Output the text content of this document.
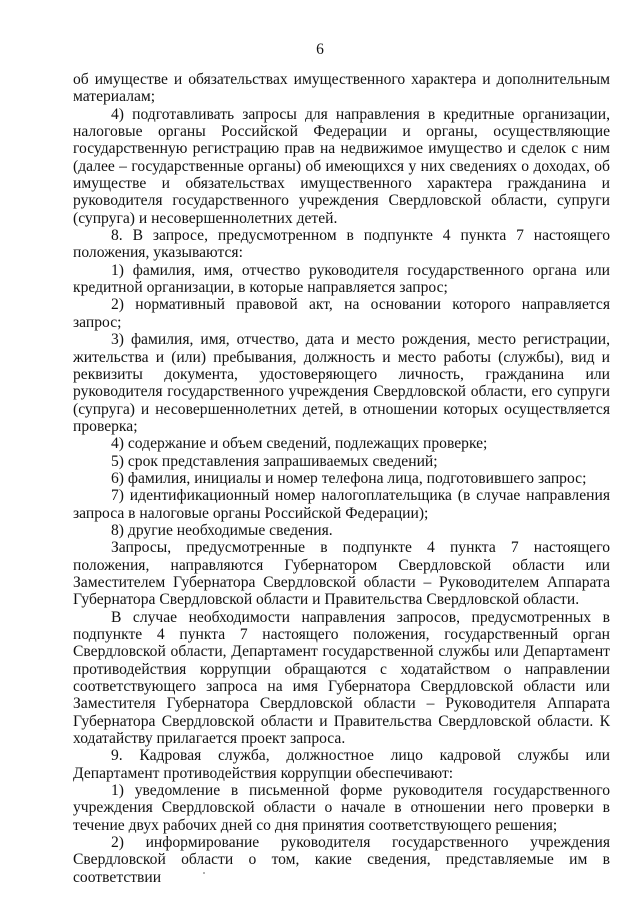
6

об имуществе и обязательствах имущественного характера и дополнительным материалам;

4) подготавливать запросы для направления в кредитные организации, налоговые органы Российской Федерации и органы, осуществляющие государственную регистрацию прав на недвижимое имущество и сделок с ним (далее – государственные органы) об имеющихся у них сведениях о доходах, об имуществе и обязательствах имущественного характера гражданина и руководителя государственного учреждения Свердловской области, супруги (супруга) и несовершеннолетних детей.

8. В запросе, предусмотренном в подпункте 4 пункта 7 настоящего положения, указываются:

1) фамилия, имя, отчество руководителя государственного органа или кредитной организации, в которые направляется запрос;

2) нормативный правовой акт, на основании которого направляется запрос;

3) фамилия, имя, отчество, дата и место рождения, место регистрации, жительства и (или) пребывания, должность и место работы (службы), вид и реквизиты документа, удостоверяющего личность, гражданина или руководителя государственного учреждения Свердловской области, его супруги (супруга) и несовершеннолетних детей, в отношении которых осуществляется проверка;

4) содержание и объем сведений, подлежащих проверке;

5) срок представления запрашиваемых сведений;

6) фамилия, инициалы и номер телефона лица, подготовившего запрос;

7) идентификационный номер налогоплательщика (в случае направления запроса в налоговые органы Российской Федерации);

8) другие необходимые сведения.

Запросы, предусмотренные в подпункте 4 пункта 7 настоящего положения, направляются Губернатором Свердловской области или Заместителем Губернатора Свердловской области – Руководителем Аппарата Губернатора Свердловской области и Правительства Свердловской области.

В случае необходимости направления запросов, предусмотренных в подпункте 4 пункта 7 настоящего положения, государственный орган Свердловской области, Департамент государственной службы или Департамент противодействия коррупции обращаются с ходатайством о направлении соответствующего запроса на имя Губернатора Свердловской области или Заместителя Губернатора Свердловской области – Руководителя Аппарата Губернатора Свердловской области и Правительства Свердловской области. К ходатайству прилагается проект запроса.

9. Кадровая служба, должностное лицо кадровой службы или Департамент противодействия коррупции обеспечивают:

1) уведомление в письменной форме руководителя государственного учреждения Свердловской области о начале в отношении него проверки в течение двух рабочих дней со дня принятия соответствующего решения;

2) информирование руководителя государственного учреждения Свердловской области о том, какие сведения, представляемые им в соответствии
